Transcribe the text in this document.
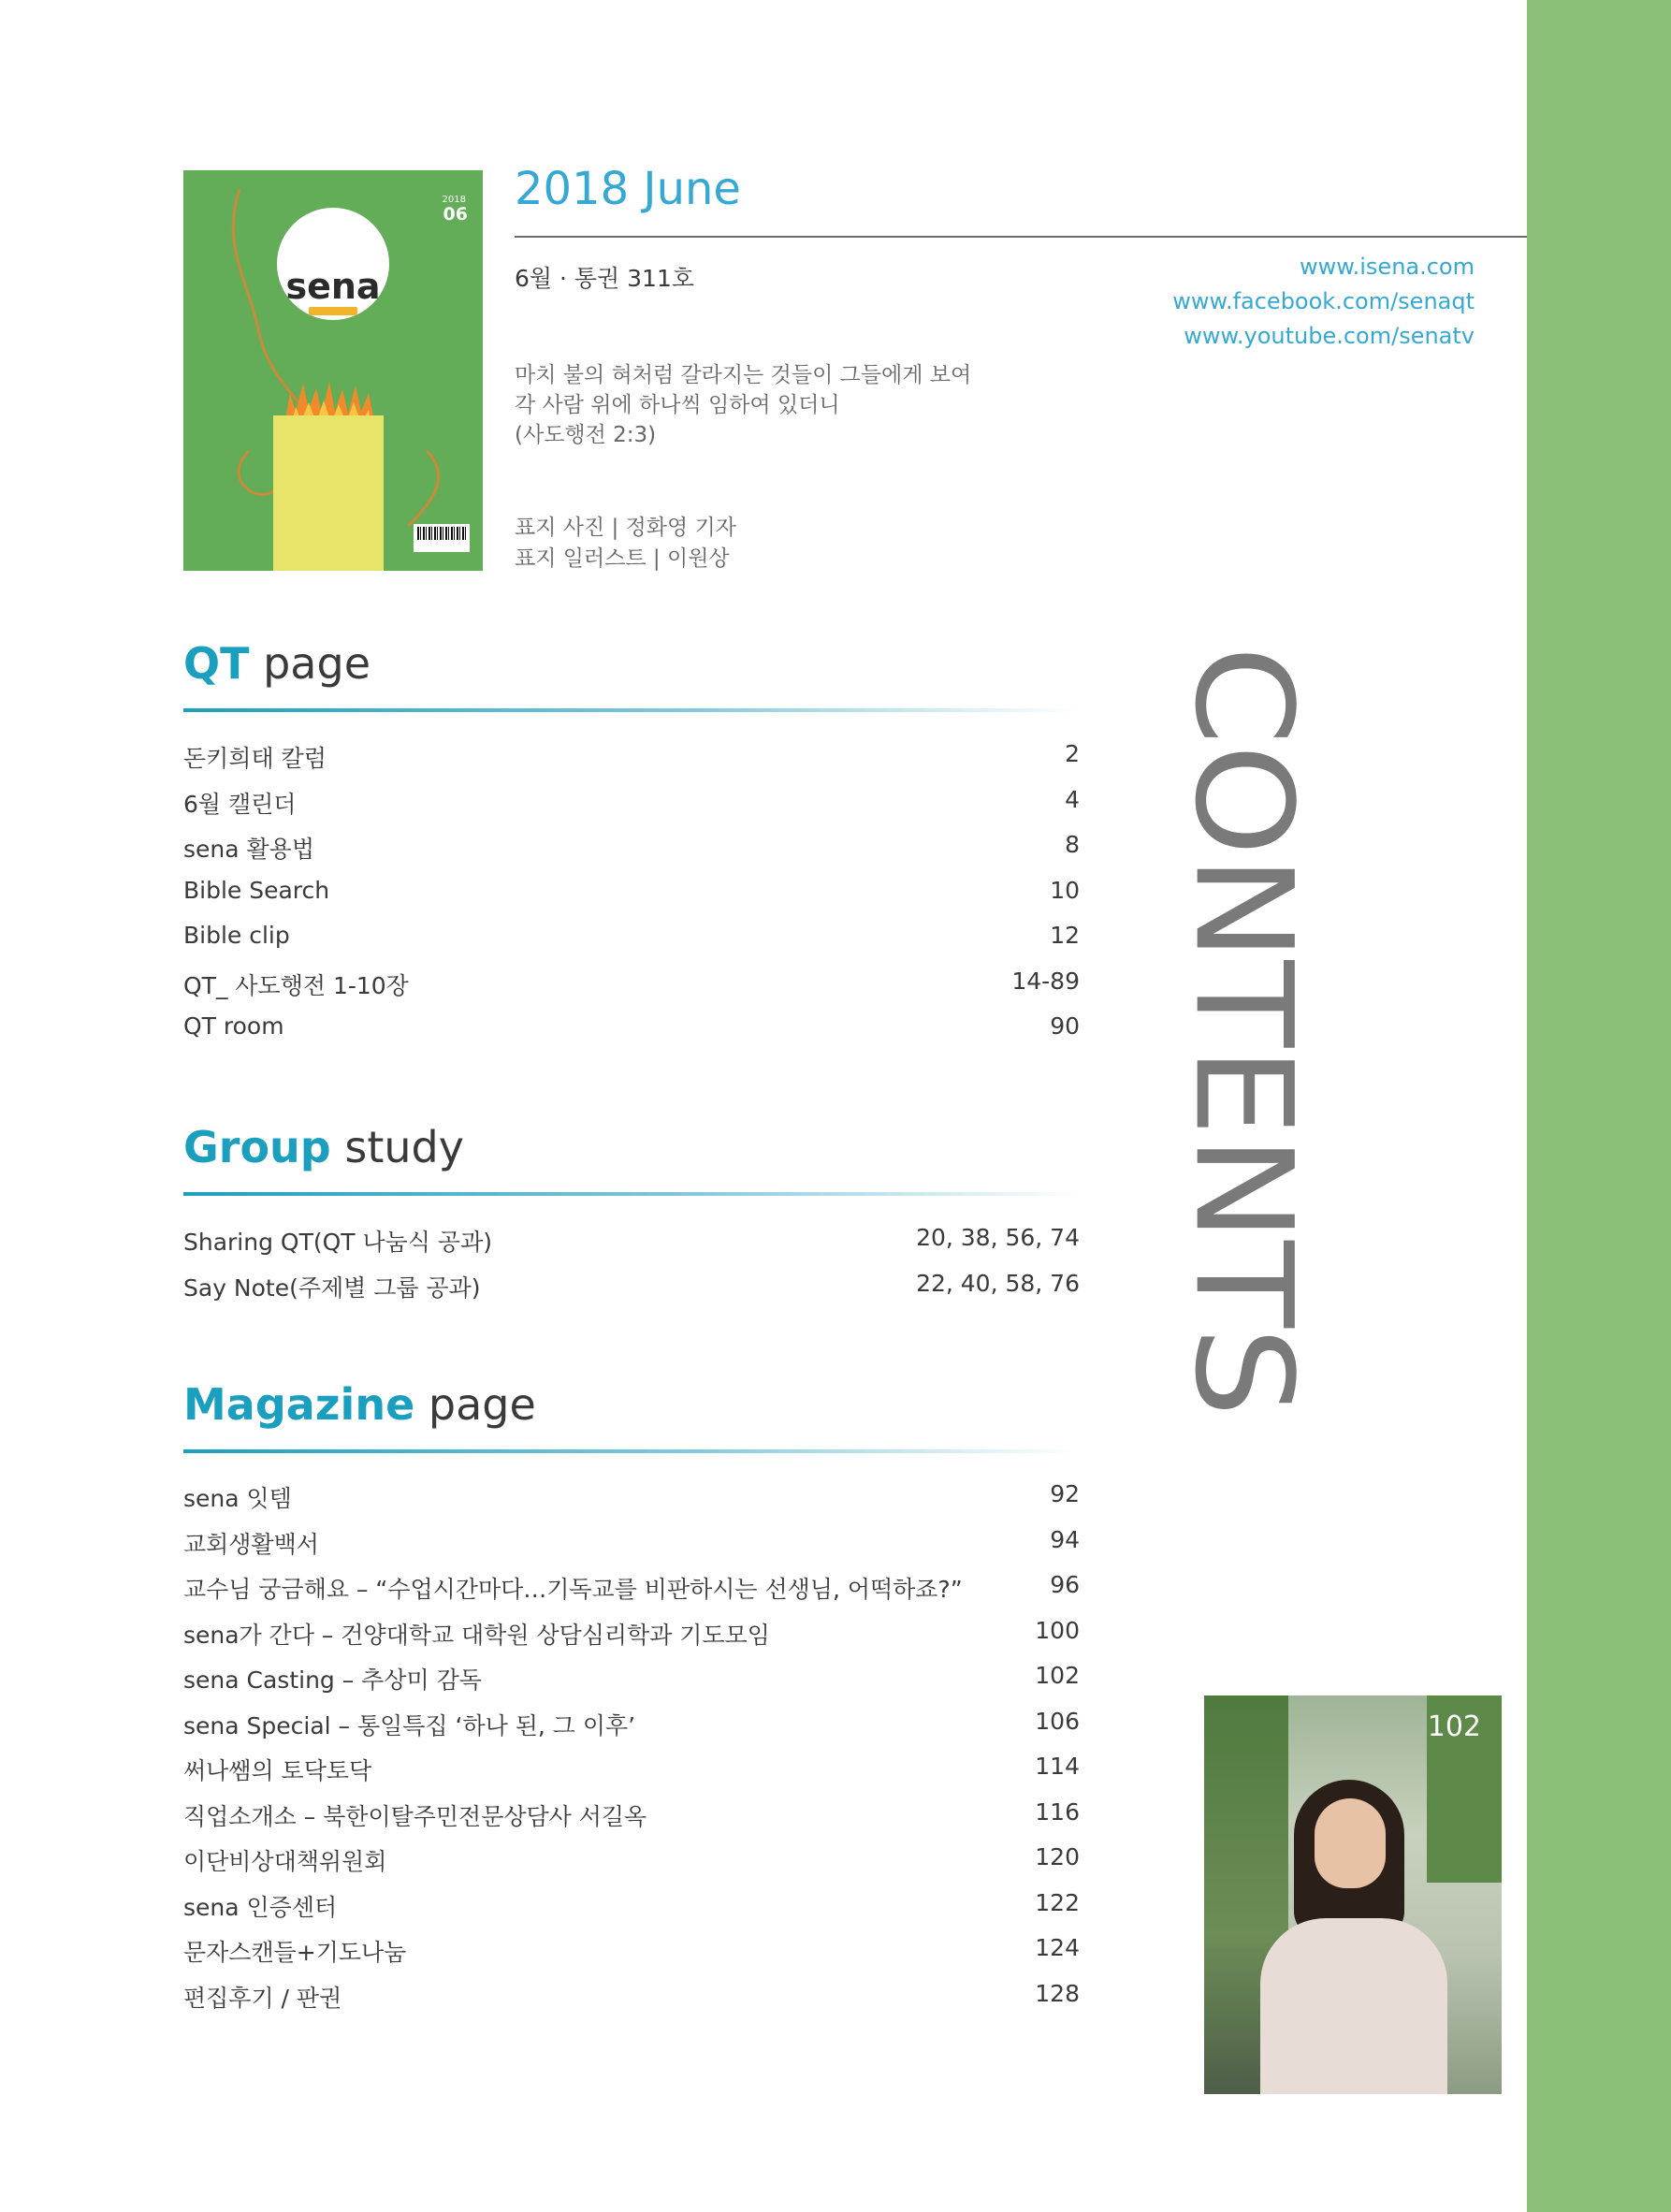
sena
2018
06 2018 June
6월 · 통권 311호	www.isena.com
www.facebook.com/senaqt
www.youtube.com/senatv
마치 불의 혀처럼 갈라지는 것들이 그들에게 보여
각 사람 위에 하나씩 임하여 있더니
(사도행전 2:3)
표지 사진 | 정화영 기자
표지 일러스트 | 이원상
QT page
돈키희태 칼럼	2
6월 캘린더	4
sena 활용법	8
Bible Search	10
Bible clip	12
QT_ 사도행전 1-10장	14-89
QT room	90
Group study
Sharing QT(QT 나눔식 공과)	20, 38, 56, 74
Say Note(주제별 그룹 공과)	22, 40, 58, 76
Magazine page
sena 잇템	92
교회생활백서	94
교수님 궁금해요 – “수업시간마다…기독교를 비판하시는 선생님, 어떡하죠?”	96
sena가 간다 – 건양대학교 대학원 상담심리학과 기도모임	100
sena Casting – 추상미 감독	102
sena Special – 통일특집 ‘하나 된, 그 이후’	106
써나쌤의 토닥토닥	114
직업소개소 – 북한이탈주민전문상담사 서길옥	116
이단비상대책위원회	120
sena 인증센터	122
문자스캔들+기도나눔	124
편집후기 / 판권	128
CONTENTS
102
